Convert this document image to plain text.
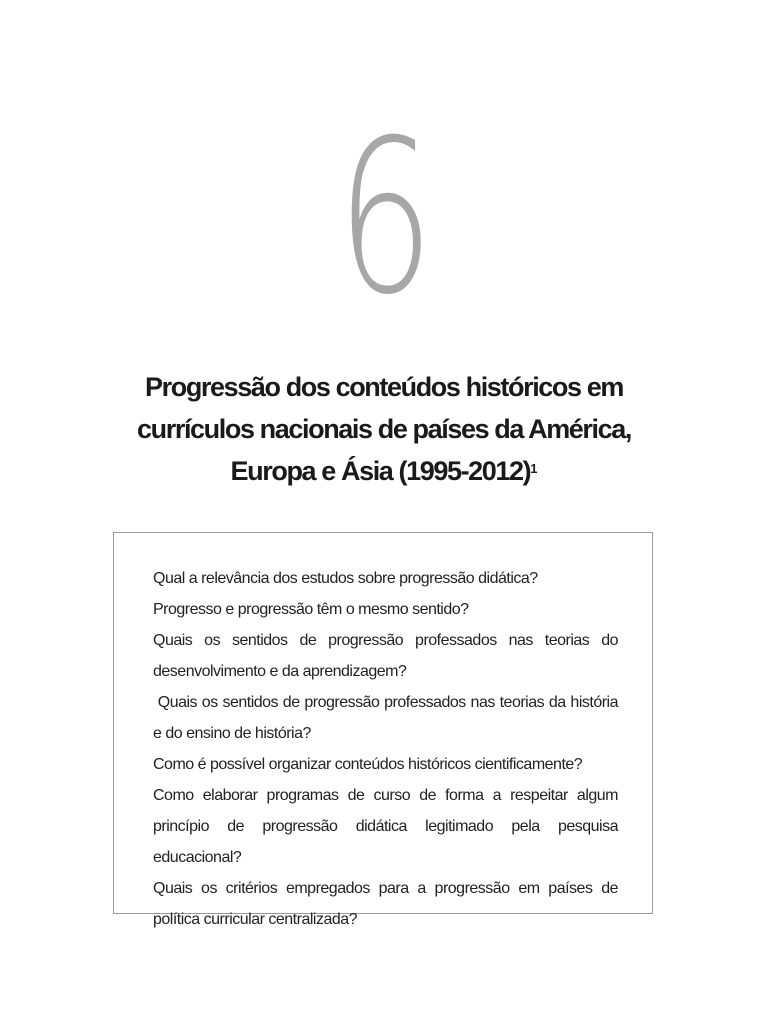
6
Progressão dos conteúdos históricos em
currículos nacionais de países da América,
Europa e Ásia (1995-2012)$^1$
Qual a relevância dos estudos sobre progressão didática?
Progresso e progressão têm o mesmo sentido?
Quais os sentidos de progressão professados nas teorias do desenvolvimento e da aprendizagem?
Quais os sentidos de progressão professados nas teorias da história e do ensino de história?
Como é possível organizar conteúdos históricos cientificamente?
Como elaborar programas de curso de forma a respeitar algum princípio de progressão didática legitimado pela pesquisa educacional?
Quais os critérios empregados para a progressão em países de política curricular centralizada?
